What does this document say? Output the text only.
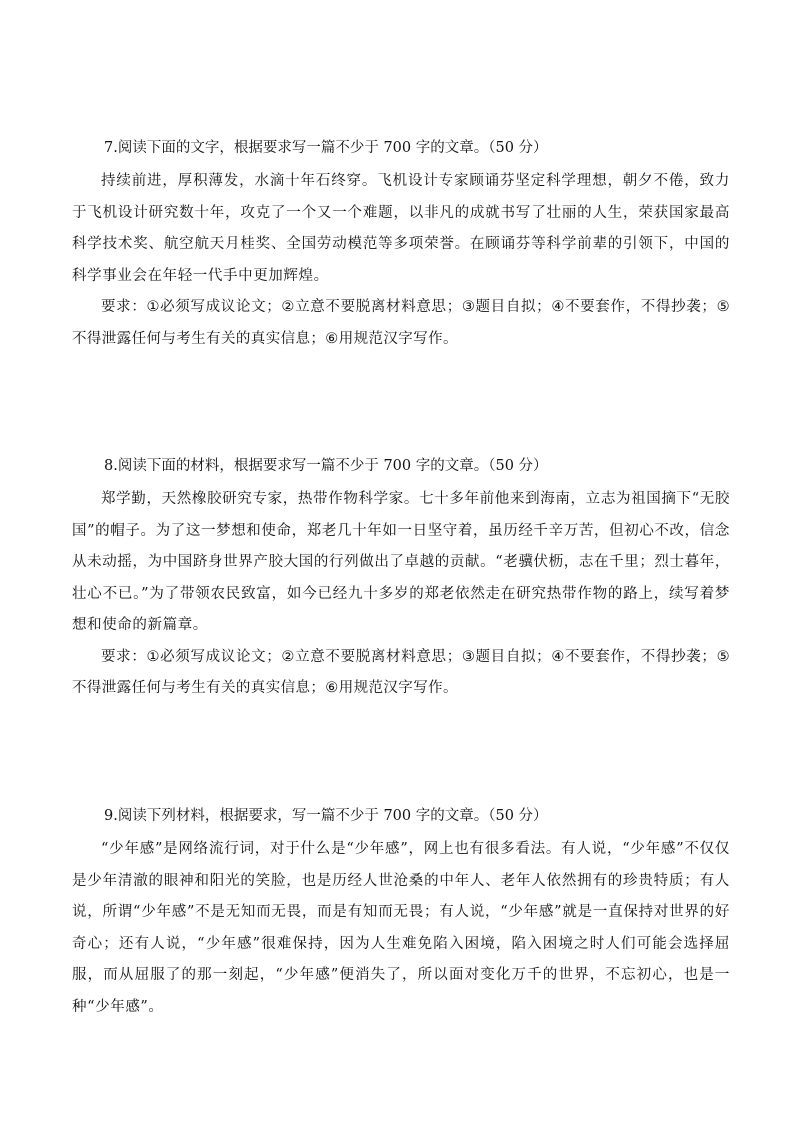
7.阅读下面的文字，根据要求写一篇不少于 700 字的文章。（50 分）

持续前进，厚积薄发，水滴十年石终穿。飞机设计专家顾诵芬坚定科学理想，朝夕不倦，致力于飞机设计研究数十年，攻克了一个又一个难题，以非凡的成就书写了壮丽的人生，荣获国家最高科学技术奖、航空航天月桂奖、全国劳动模范等多项荣誉。在顾诵芬等科学前辈的引领下，中国的科学事业会在年轻一代手中更加辉煌。

要求：①必须写成议论文；②立意不要脱离材料意思；③题目自拟；④不要套作，不得抄袭；⑤不得泄露任何与考生有关的真实信息；⑥用规范汉字写作。

8.阅读下面的材料，根据要求写一篇不少于 700 字的文章。（50 分）

郑学勤，天然橡胶研究专家，热带作物科学家。七十多年前他来到海南，立志为祖国摘下“无胶国”的帽子。为了这一梦想和使命，郑老几十年如一日坚守着，虽历经千辛万苦，但初心不改，信念从未动摇，为中国跻身世界产胶大国的行列做出了卓越的贡献。“老骥伏枥，志在千里；烈士暮年，壮心不已。”为了带领农民致富，如今已经九十多岁的郑老依然走在研究热带作物的路上，续写着梦想和使命的新篇章。

要求：①必须写成议论文；②立意不要脱离材料意思；③题目自拟；④不要套作，不得抄袭；⑤不得泄露任何与考生有关的真实信息；⑥用规范汉字写作。

9.阅读下列材料，根据要求，写一篇不少于 700 字的文章。（50 分）

“少年感”是网络流行词，对于什么是“少年感”，网上也有很多看法。有人说，“少年感”不仅仅是少年清澈的眼神和阳光的笑脸，也是历经人世沧桑的中年人、老年人依然拥有的珍贵特质；有人说，所谓“少年感”不是无知而无畏，而是有知而无畏；有人说，“少年感”就是一直保持对世界的好奇心；还有人说，“少年感”很难保持，因为人生难免陷入困境，陷入困境之时人们可能会选择屈服，而从屈服了的那一刻起，“少年感”便消失了，所以面对变化万千的世界，不忘初心，也是一种“少年感”。
